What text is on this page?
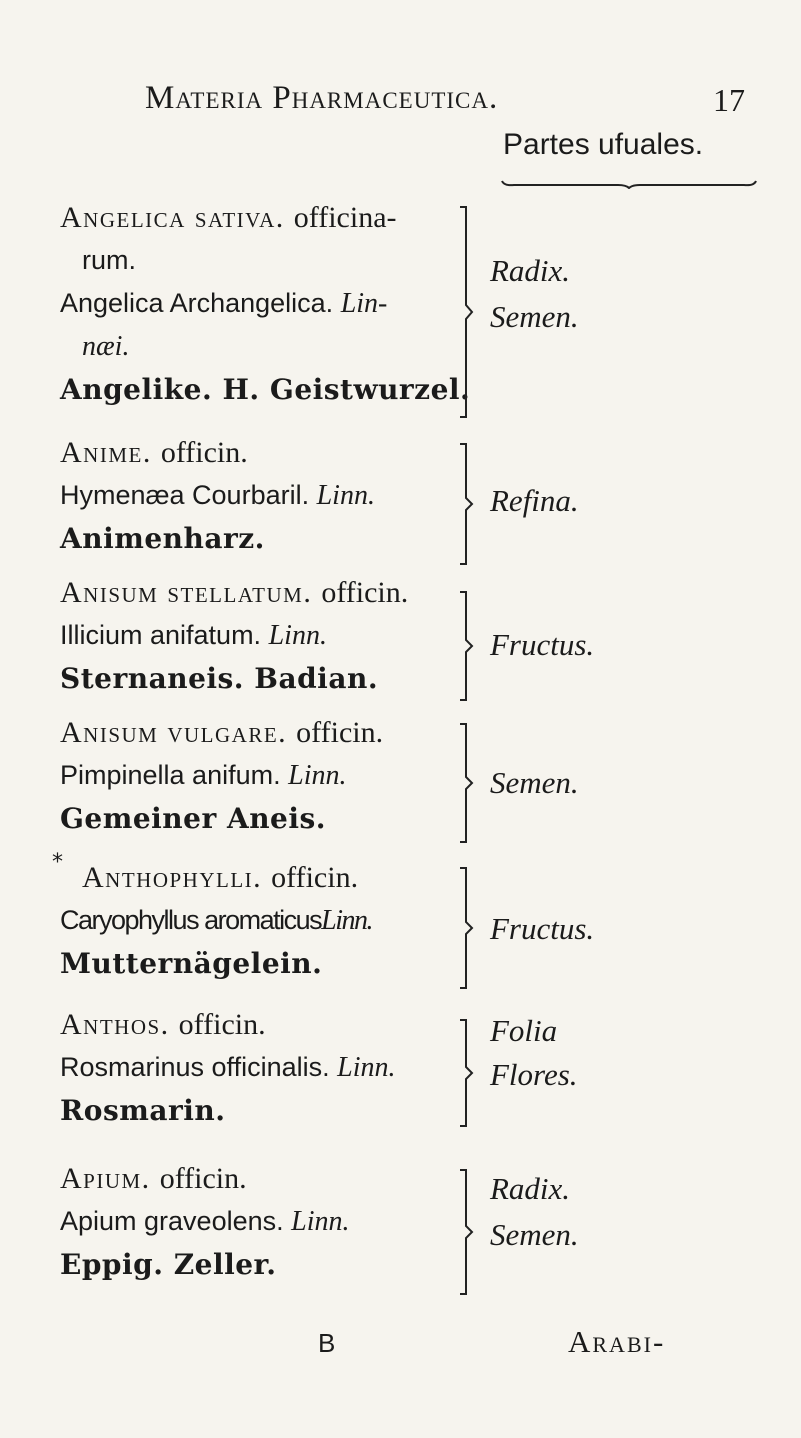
Materia Pharmaceutica.	17
Partes ufuales.
Angelica sativa. officina-
rum.
Angelica Archangelica. Lin-
næi.
Angelike. H. Geistwurzel.
Radix.
Semen.
Anime. officin.
Hymenæa Courbaril. Linn.
Animenharz.
Refina.
Anisum stellatum. officin.
Illicium anifatum. Linn.
Sternaneis. Badian.
Fructus.
Anisum vulgare. officin.
Pimpinella anifum. Linn.
Gemeiner Aneis.
Semen.
* Anthophylli. officin.
Caryophyllus aromaticusLinn.
Mutternägelein.
Fructus.
Anthos. officin.
Rosmarinus officinalis. Linn.
Rosmarin.
Folia
Flores.
Apium. officin.
Apium graveolens. Linn.
Eppig. Zeller.
Radix.
Semen.
B	Arabi-
